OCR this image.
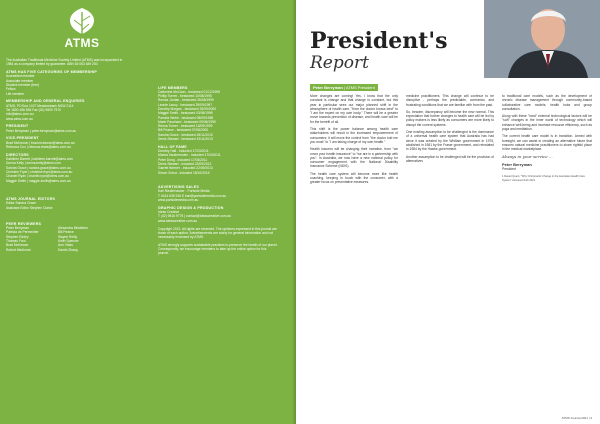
ATMS
The Australian Traditional-Medicine Society Limited (ATMS) was incorporated in 1984 as a company limited by guarantee. ABN 63 063 849 253
ATMS HAS FIVE CATEGORIES OF MEMBERSHIP
Accredited member
Associate member
Student member (free)
Fellow
Life member
MEMBERSHIP AND GENERAL ENQUIRIES
ATMS, PO Box 1027 Meadowbank NSW 2114
Tel 1800 456 855 Fax (02) 9809 7570
info@atms.com.au
www.atms.com.au
PRESIDENT
Peter Berryman | peter.berryman@atms.com.au
VICE-PRESIDENT
Brad McKeown | brad.mckeown@atms.com.au
Rebecca Cox | rebecca.lewis@atms.com.au
DIRECTORS
Kathleen Barrett | kathleen.barrett@atms.com
Donna Kelly | donna.kelly@atms.com
Sandra Grace | sandra.grace@atms.com.au
Christine Fryer | christine.fryer@atms.com.au
Chantel Ryan | chantel.ryan@atms.com.au
Maggie Smith | maggie.smith@atms.com.au
ATMS JOURNAL EDITORS
Editor Sandra Grace
Assistant Editor Stephen Clarke
PEER REVIEWERS
Peter Berryman
Patricia de Permentier
Stephen Eddey
Thomas Ford
Brad McKeown
Robert Medhurst
Alexandra Middleton
Bill Pearce
Wayne Reilly
Keith Spencer
Ann Vlass
Daniel Zhang
LIFE MEMBERS
Catherine McCann - bestowed 01/12/1998
Phillip Turner - bestowed 10/08/1995
Ronica Jordan - bestowed 26/08/1999
Leonie Lavoy - bestowed 29/09/1997
Dorothy Morgan - bestowed 25/09/2000
Maggie Smith - bestowed 03/08/1998
Pamela Webb - bestowed 08/09/1998
Marie Pauchard - bestowed 09/06/1999
Reima Turner - bestowed 18/09/1999
Bill Pearce - bestowed 07/08/2000
Sandra Grace - bestowed 18/11/2010
Denis Stewart - bestowed 19/11/2013
HALL OF FAME
Dorothy Hall - inducted 17/03/2011
Marisa Vandermolen - inducted 17/03/2011
Peter Dong - inducted 17/03/2011
Denis Stewart - inducted 23/09/2012
Garrett Werner - inducted 22/09/2013
Simon Schut - inducted 18/10/2015
ADVERTISING SALES
Kari Niederhauser - Portside Media
T 0414 635 936 E kari@portsidemedia.com.au
www.portsidemedia.com.au
GRAPHIC DESIGN & PRODUCTION
Ideas Creative
T (02) 9816 9775 | contact@ideascreative.com.au
www.ideascreative.com.au
Copyright 2021. All rights are reserved. The opinions expressed in this journal are those of each author. Advertisements are solely for general information and not necessarily endorsed by ATMS.
ATMS strongly supports sustainable practices to preserve the health of our planet. Consequently, we encourage members to take up the online option for this journal.
President's
Report
Peter Berryman | ATMS President

More changes are coming! Yes, I know that the only constant is change and that change is constant, but this year in particular sees our major planned shift in the atmosphere of health care, "from the doctor knows best" to "I am the expert on my own body." There will be a greater move towards prevention of disease, and health care will be for the benefit of all.

This shift is the power balance among health care stakeholders will result in the increased empowerment of consumers; it will move the control from "the doctor told me you must" to "I am taking charge of my own health."

Health insurers will be changing their narrative, from "we cover your health insurance" to "we are in a partnership with you". In Australia, we now have a new national policy for consumer engagement with the National Disability Insurance Scheme (NDIS).

The health care system will become more like health coaching, keeping in touch with the consumer, with a greater focus on preventative measures.

medicine practitioners. This change will continue to be disruptive - perhaps the predictable, contrarian, and frustrating conditions that we are familiar with from the past.

So, beware, discrepancy will become the new normal. This expectation that further changes to health care will be led by policy makers is less likely as consumers are more likely to disrupt the current systems.

One existing assumption to be challenged is the dominance of a universal health care system that Australia has had since it was created by the Whitlam government in 1975, abolished in 1981 by the Fraser government, and reinstated in 1984 by the Hawke government.

Another assumption to be challenged will be the provision of alternatives

to traditional care models, such as the development of chronic disease management through community-based collaborative care models, health hubs and group consultation.

Along with these "hard" external technological factors will be "soft" changes in the inner world of technology which will enhance well-being and increase resource efficiency, such as yoga and meditation.

The current health care model is in transition. Armed with foresight, we can assist in creating an alternative future that ensures natural medicine practitioners to share rightful place in the medical marketplace.

Always in your service ...
Peter Berryman
President
1 Daniel Quant, "Why Chiropractic Change in the Australian Health Care System" Accessed Feb 2021.
ATMS Journal 2021 | 3
